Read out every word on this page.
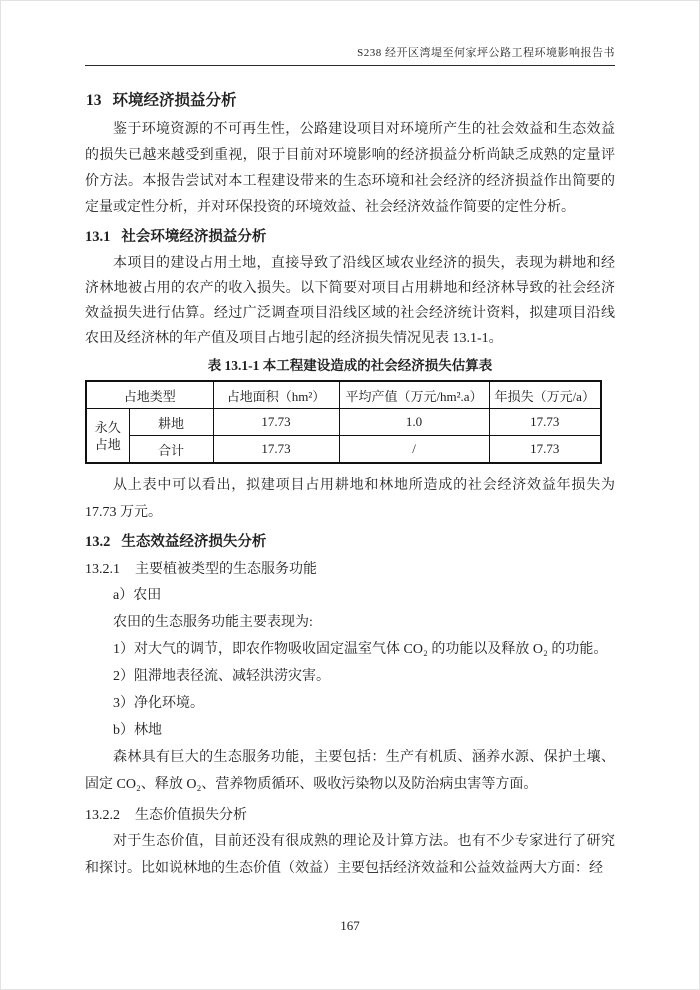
S238 经开区湾堤至何家坪公路工程环境影响报告书
13 环境经济损益分析

鉴于环境资源的不可再生性，公路建设项目对环境所产生的社会效益和生态效益的损失已越来越受到重视，限于目前对环境影响的经济损益分析尚缺乏成熟的定量评价方法。本报告尝试对本工程建设带来的生态环境和社会经济的经济损益作出简要的定量或定性分析，并对环保投资的环境效益、社会经济效益作简要的定性分析。

13.1 社会环境经济损益分析

本项目的建设占用土地，直接导致了沿线区域农业经济的损失，表现为耕地和经济林地被占用的农产的收入损失。以下简要对项目占用耕地和经济林导致的社会经济效益损失进行估算。经过广泛调查项目沿线区域的社会经济统计资料，拟建项目沿线农田及经济林的年产值及项目占地引起的经济损失情况见表 13.1-1。

表 13.1-1 本工程建设造成的社会经济损失估算表
占地类型		占地面积（hm²）	平均产值（万元/hm².a）	年损失（万元/a）
永久占地	耕地	17.73	1.0	17.73
	合计	17.73	/	17.73

从上表中可以看出，拟建项目占用耕地和林地所造成的社会经济效益年损失为 17.73 万元。

13.2 生态效益经济损失分析
13.2.1 主要植被类型的生态服务功能

a）农田

农田的生态服务功能主要表现为:

1）对大气的调节，即农作物吸收固定温室气体 CO₂ 的功能以及释放 O₂ 的功能。

2）阻滞地表径流、减轻洪涝灾害。

3）净化环境。

b）林地

森林具有巨大的生态服务功能，主要包括：生产有机质、涵养水源、保护土壤、固定 CO₂、释放 O₂、营养物质循环、吸收污染物以及防治病虫害等方面。

13.2.2 生态价值损失分析

对于生态价值，目前还没有很成熟的理论及计算方法。也有不少专家进行了研究和探讨。比如说林地的生态价值（效益）主要包括经济效益和公益效益两大方面：经

167
